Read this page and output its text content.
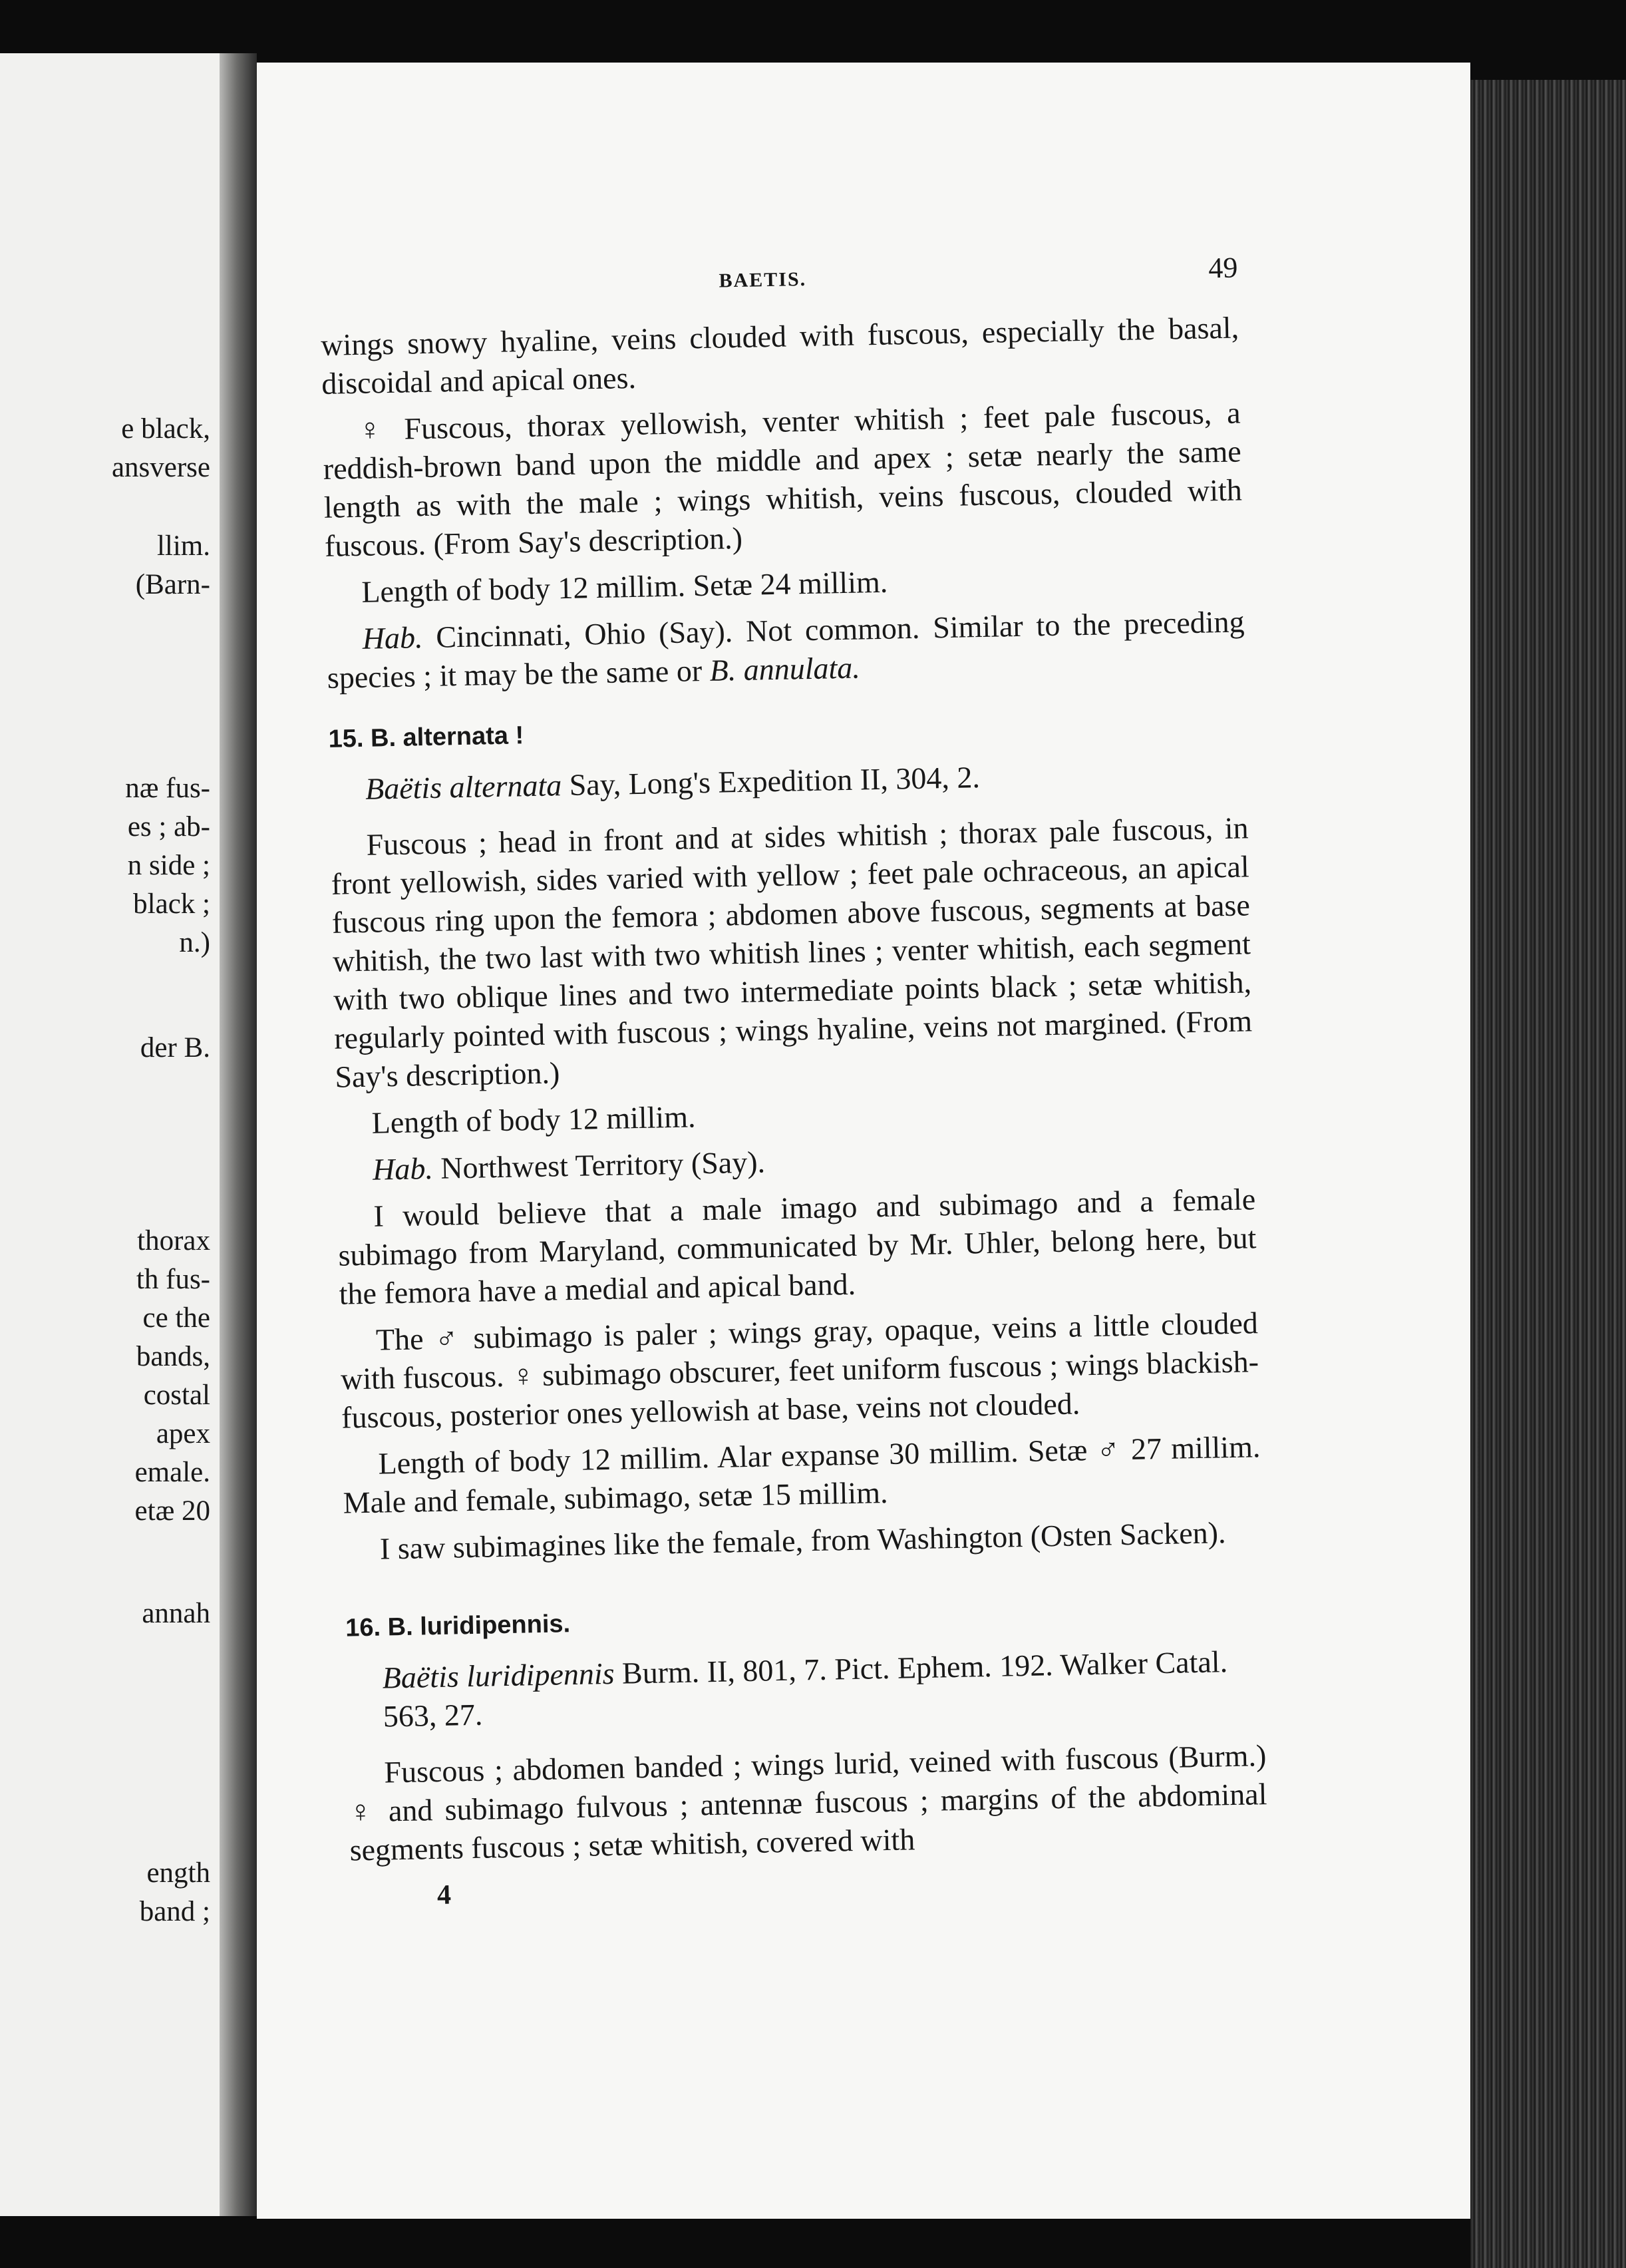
e black,
ansverse
llim.
(Barn-
næ fus-
es ; ab-
n side ;
black ;
n.)
der B.
thorax
th fus-
ce the
bands,
costal
apex
emale.
etæ 20
annah
ength
band ;
BAETIS.	49

wings snowy hyaline, veins clouded with fuscous, especially the basal, discoidal and apical ones.

♀ Fuscous, thorax yellowish, venter whitish ; feet pale fuscous, a reddish-brown band upon the middle and apex ; setæ nearly the same length as with the male ; wings whitish, veins fuscous, clouded with fuscous. (From Say's description.)

Length of body 12 millim. Setæ 24 millim.

Hab. Cincinnati, Ohio (Say). Not common. Similar to the preceding species ; it may be the same or B. annulata.

15. B. alternata !
Baëtis alternata Say, Long's Expedition II, 304, 2.

Fuscous ; head in front and at sides whitish ; thorax pale fuscous, in front yellowish, sides varied with yellow ; feet pale ochraceous, an apical fuscous ring upon the femora ; abdomen above fuscous, segments at base whitish, the two last with two whitish lines ; venter whitish, each segment with two oblique lines and two intermediate points black ; setæ whitish, regularly pointed with fuscous ; wings hyaline, veins not margined. (From Say's description.)

Length of body 12 millim.

Hab. Northwest Territory (Say).

I would believe that a male imago and subimago and a female subimago from Maryland, communicated by Mr. Uhler, belong here, but the femora have a medial and apical band.

The ♂ subimago is paler ; wings gray, opaque, veins a little clouded with fuscous. ♀ subimago obscurer, feet uniform fuscous ; wings blackish-fuscous, posterior ones yellowish at base, veins not clouded.

Length of body 12 millim. Alar expanse 30 millim. Setæ ♂ 27 millim. Male and female, subimago, setæ 15 millim.

I saw subimagines like the female, from Washington (Osten Sacken).

16. B. luridipennis.
Baëtis luridipennis Burm. II, 801, 7. Pict. Ephem. 192. Walker Catal. 563, 27.

Fuscous ; abdomen banded ; wings lurid, veined with fuscous (Burm.) ♀ and subimago fulvous ; antennæ fuscous ; margins of the abdominal segments fuscous ; setæ whitish, covered with

4
